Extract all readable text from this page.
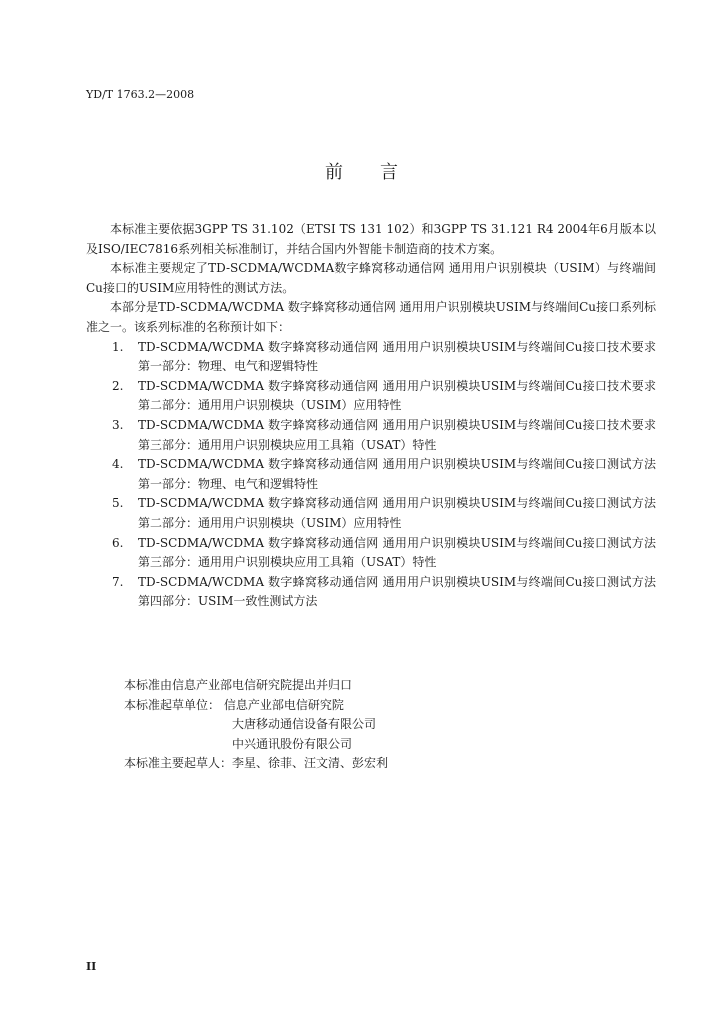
YD/T 1763.2—2008
前 言

本标准主要依据3GPP TS 31.102（ETSI TS 131 102）和3GPP TS 31.121 R4 2004年6月版本以及ISO/IEC7816系列相关标准制订，并结合国内外智能卡制造商的技术方案。

本标准主要规定了TD-SCDMA/WCDMA数字蜂窝移动通信网 通用用户识别模块（USIM）与终端间Cu接口的USIM应用特性的测试方法。

本部分是TD-SCDMA/WCDMA 数字蜂窝移动通信网 通用用户识别模块USIM与终端间Cu接口系列标准之一。该系列标准的名称预计如下：

1. TD-SCDMA/WCDMA 数字蜂窝移动通信网 通用用户识别模块USIM与终端间Cu接口技术要求 第一部分：物理、电气和逻辑特性
2. TD-SCDMA/WCDMA 数字蜂窝移动通信网 通用用户识别模块USIM与终端间Cu接口技术要求 第二部分：通用用户识别模块（USIM）应用特性
3. TD-SCDMA/WCDMA 数字蜂窝移动通信网 通用用户识别模块USIM与终端间Cu接口技术要求 第三部分：通用用户识别模块应用工具箱（USAT）特性
4. TD-SCDMA/WCDMA 数字蜂窝移动通信网 通用用户识别模块USIM与终端间Cu接口测试方法 第一部分：物理、电气和逻辑特性
5. TD-SCDMA/WCDMA 数字蜂窝移动通信网 通用用户识别模块USIM与终端间Cu接口测试方法 第二部分：通用用户识别模块（USIM）应用特性
6. TD-SCDMA/WCDMA 数字蜂窝移动通信网 通用用户识别模块USIM与终端间Cu接口测试方法 第三部分：通用用户识别模块应用工具箱（USAT）特性
7. TD-SCDMA/WCDMA 数字蜂窝移动通信网 通用用户识别模块USIM与终端间Cu接口测试方法 第四部分：USIM一致性测试方法
本标准由信息产业部电信研究院提出并归口
本标准起草单位： 信息产业部电信研究院
大唐移动通信设备有限公司
中兴通讯股份有限公司
本标准主要起草人：李星、徐菲、汪文清、彭宏利
II
